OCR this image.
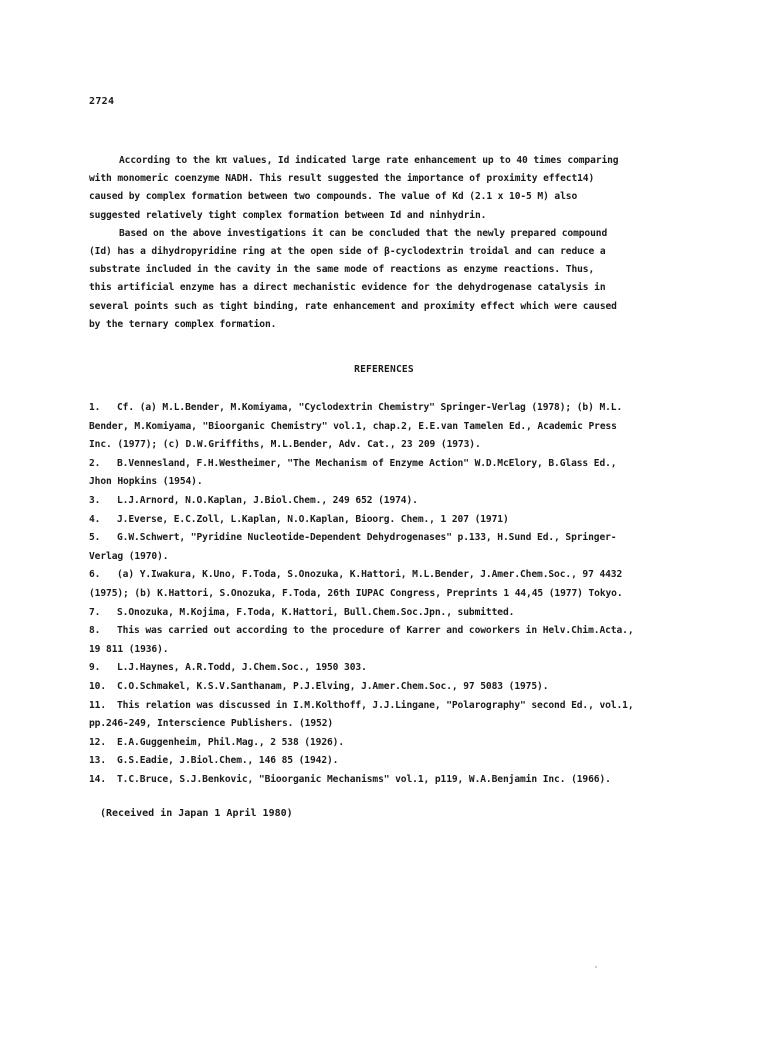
2724
According to the kπ values, Id indicated large rate enhancement up to 40 times comparing
with monomeric coenzyme NADH. This result suggested the importance of proximity effect14)
caused by complex formation between two compounds. The value of Kd (2.1 x 10-5 M) also
suggested relatively tight complex formation between Id and ninhydrin.
Based on the above investigations it can be concluded that the newly prepared compound
(Id) has a dihydropyridine ring at the open side of β-cyclodextrin troidal and can reduce a
substrate included in the cavity in the same mode of reactions as enzyme reactions. Thus,
this artificial enzyme has a direct mechanistic evidence for the dehydrogenase catalysis in
several points such as tight binding, rate enhancement and proximity effect which were caused
by the ternary complex formation.
REFERENCES
1. Cf. (a) M.L.Bender, M.Komiyama, "Cyclodextrin Chemistry" Springer-Verlag (1978); (b) M.L.
Bender, M.Komiyama, "Bioorganic Chemistry" vol.1, chap.2, E.E.van Tamelen Ed., Academic Press
Inc. (1977); (c) D.W.Griffiths, M.L.Bender, Adv. Cat., 23 209 (1973).
2. B.Vennesland, F.H.Westheimer, "The Mechanism of Enzyme Action" W.D.McElory, B.Glass Ed.,
Jhon Hopkins (1954).
3. L.J.Arnord, N.O.Kaplan, J.Biol.Chem., 249 652 (1974).
4. J.Everse, E.C.Zoll, L.Kaplan, N.O.Kaplan, Bioorg. Chem., 1 207 (1971)
5. G.W.Schwert, "Pyridine Nucleotide-Dependent Dehydrogenases" p.133, H.Sund Ed., Springer-
Verlag (1970).
6. (a) Y.Iwakura, K.Uno, F.Toda, S.Onozuka, K.Hattori, M.L.Bender, J.Amer.Chem.Soc., 97 4432
(1975); (b) K.Hattori, S.Onozuka, F.Toda, 26th IUPAC Congress, Preprints 1 44,45 (1977) Tokyo.
7. S.Onozuka, M.Kojima, F.Toda, K.Hattori, Bull.Chem.Soc.Jpn., submitted.
8. This was carried out according to the procedure of Karrer and coworkers in Helv.Chim.Acta.,
19 811 (1936).
9. L.J.Haynes, A.R.Todd, J.Chem.Soc., 1950 303.
10. C.O.Schmakel, K.S.V.Santhanam, P.J.Elving, J.Amer.Chem.Soc., 97 5083 (1975).
11. This relation was discussed in I.M.Kolthoff, J.J.Lingane, "Polarography" second Ed., vol.1,
pp.246-249, Interscience Publishers. (1952)
12. E.A.Guggenheim, Phil.Mag., 2 538 (1926).
13. G.S.Eadie, J.Biol.Chem., 146 85 (1942).
14. T.C.Bruce, S.J.Benkovic, "Bioorganic Mechanisms" vol.1, p119, W.A.Benjamin Inc. (1966).
(Received in Japan 1 April 1980)
